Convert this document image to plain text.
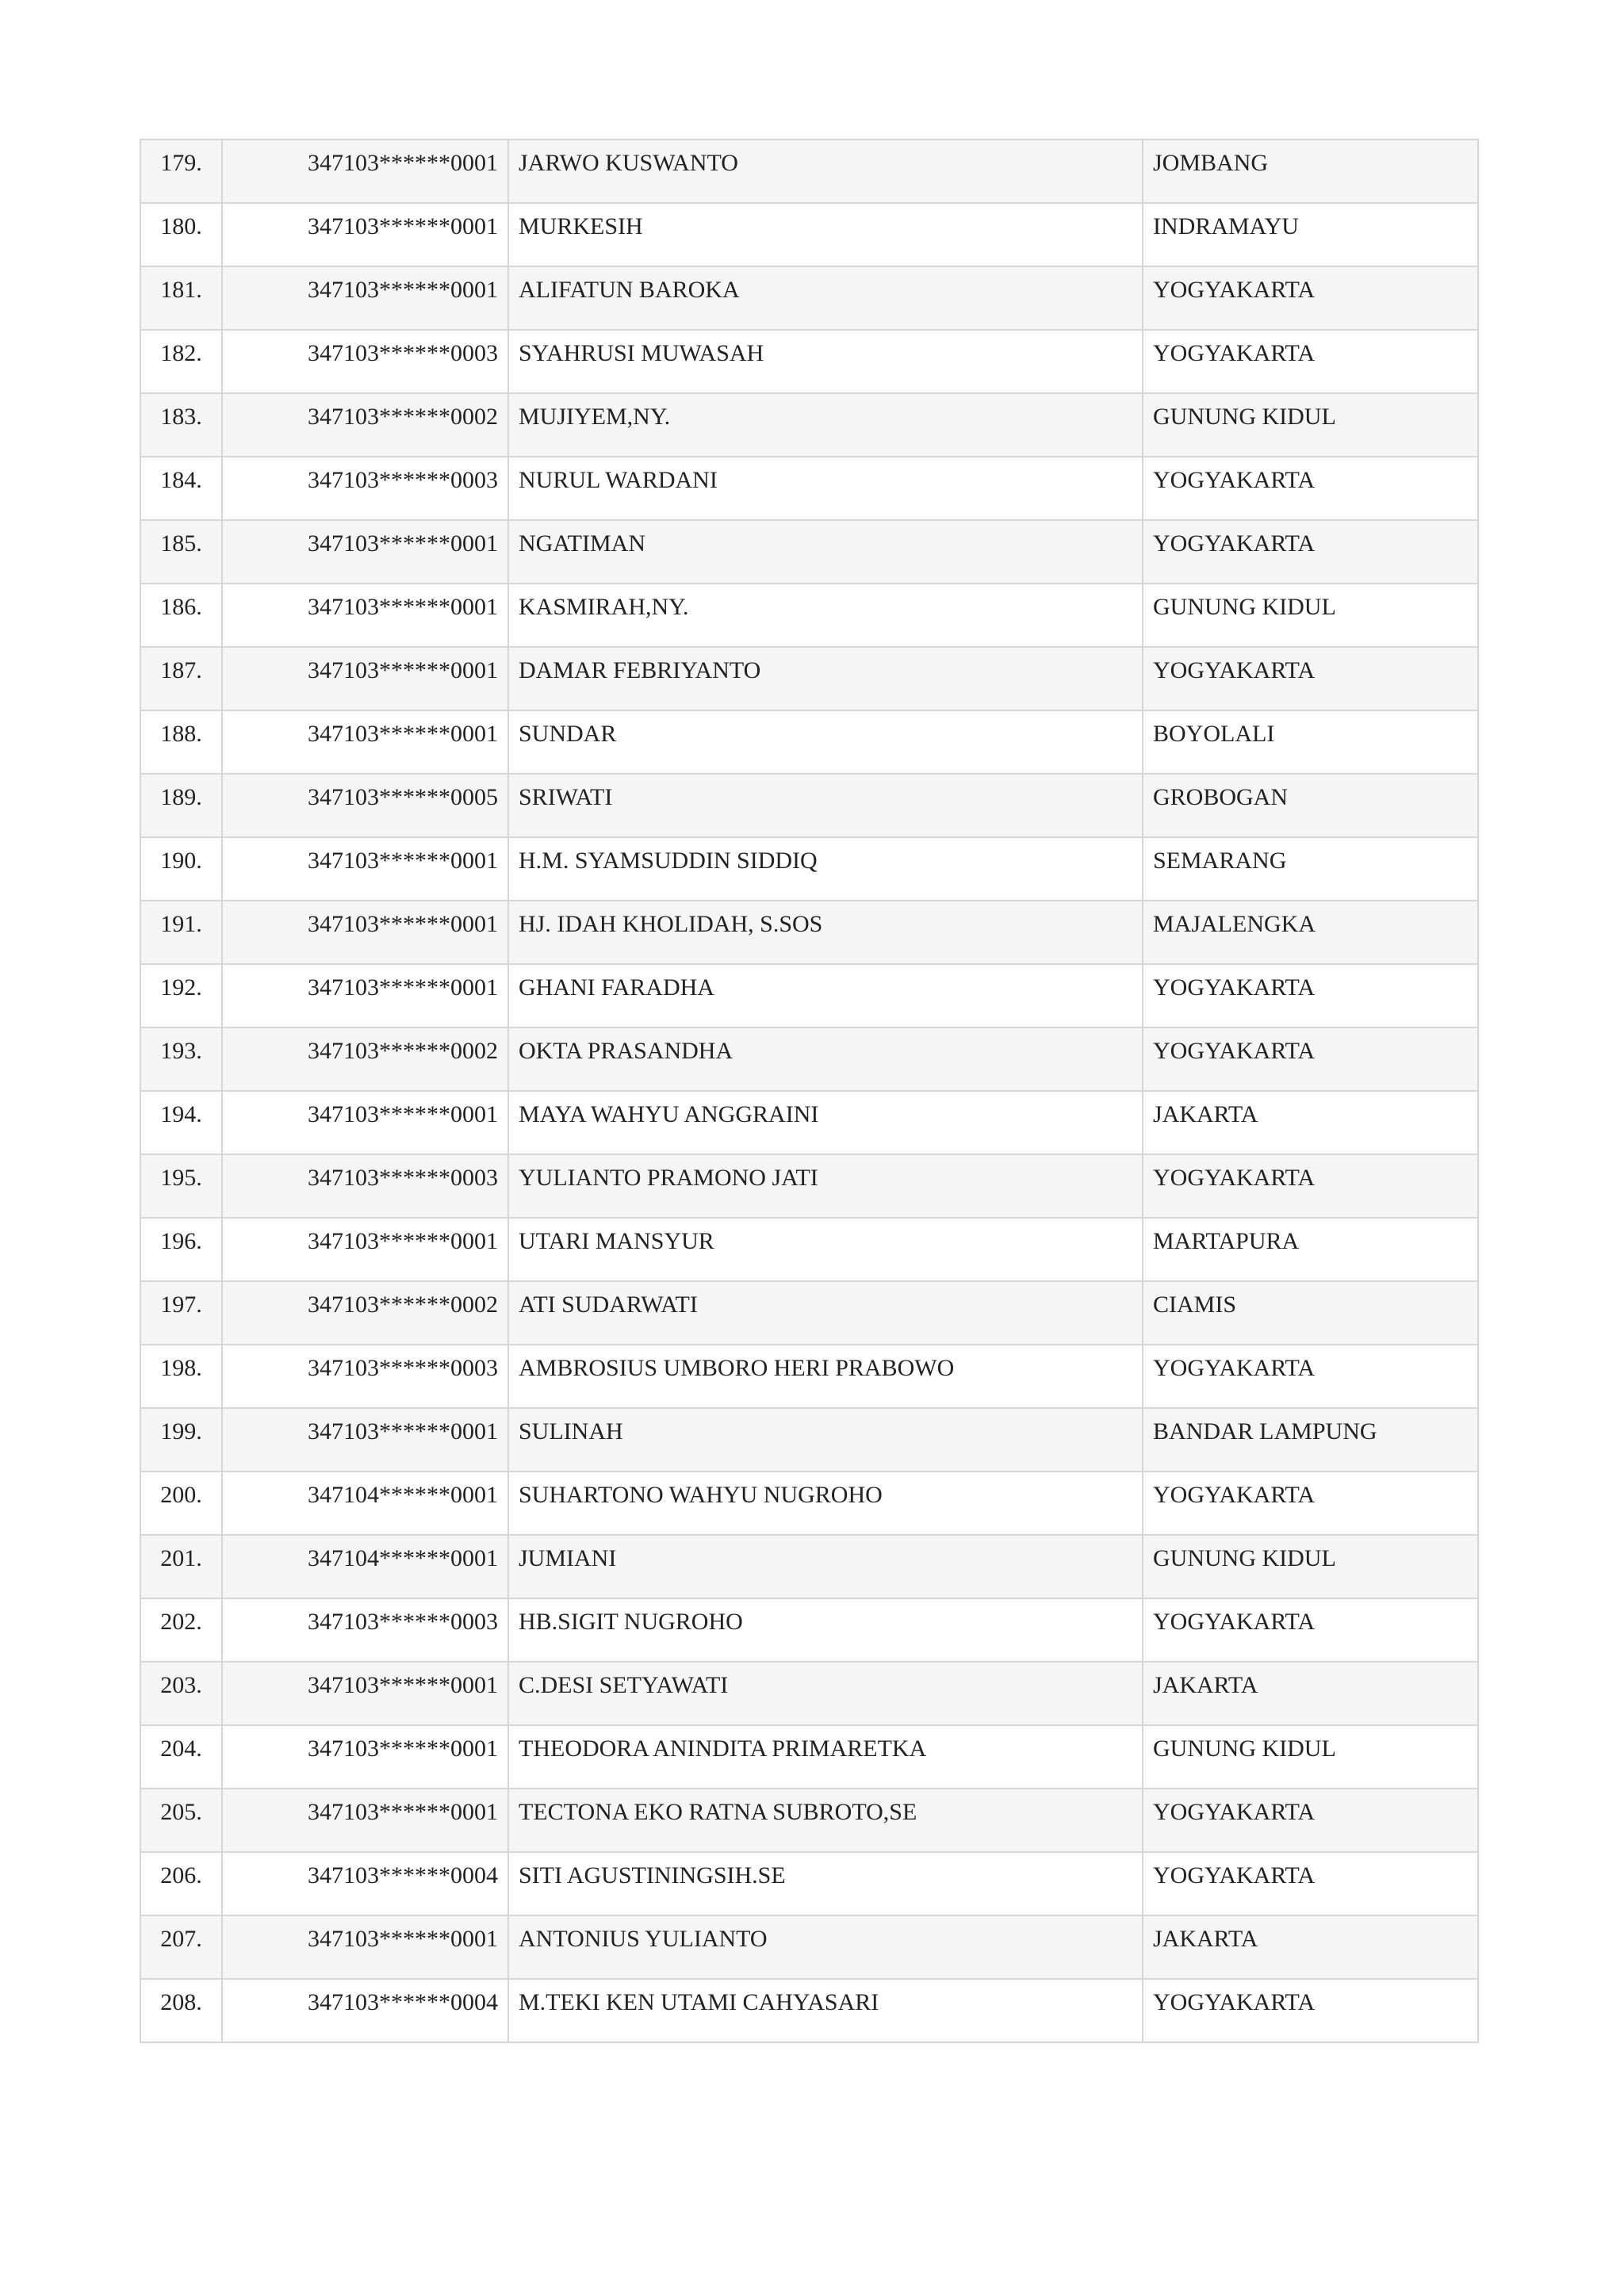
179.	347103******0001	JARWO KUSWANTO	JOMBANG
180.	347103******0001	MURKESIH	INDRAMAYU
181.	347103******0001	ALIFATUN BAROKA	YOGYAKARTA
182.	347103******0003	SYAHRUSI MUWASAH	YOGYAKARTA
183.	347103******0002	MUJIYEM,NY.	GUNUNG KIDUL
184.	347103******0003	NURUL WARDANI	YOGYAKARTA
185.	347103******0001	NGATIMAN	YOGYAKARTA
186.	347103******0001	KASMIRAH,NY.	GUNUNG KIDUL
187.	347103******0001	DAMAR FEBRIYANTO	YOGYAKARTA
188.	347103******0001	SUNDAR	BOYOLALI
189.	347103******0005	SRIWATI	GROBOGAN
190.	347103******0001	H.M. SYAMSUDDIN SIDDIQ	SEMARANG
191.	347103******0001	HJ. IDAH KHOLIDAH, S.SOS	MAJALENGKA
192.	347103******0001	GHANI FARADHA	YOGYAKARTA
193.	347103******0002	OKTA PRASANDHA	YOGYAKARTA
194.	347103******0001	MAYA WAHYU ANGGRAINI	JAKARTA
195.	347103******0003	YULIANTO PRAMONO JATI	YOGYAKARTA
196.	347103******0001	UTARI MANSYUR	MARTAPURA
197.	347103******0002	ATI SUDARWATI	CIAMIS
198.	347103******0003	AMBROSIUS UMBORO HERI PRABOWO	YOGYAKARTA
199.	347103******0001	SULINAH	BANDAR LAMPUNG
200.	347104******0001	SUHARTONO WAHYU NUGROHO	YOGYAKARTA
201.	347104******0001	JUMIANI	GUNUNG KIDUL
202.	347103******0003	HB.SIGIT NUGROHO	YOGYAKARTA
203.	347103******0001	C.DESI SETYAWATI	JAKARTA
204.	347103******0001	THEODORA ANINDITA PRIMARETKA	GUNUNG KIDUL
205.	347103******0001	TECTONA EKO RATNA SUBROTO,SE	YOGYAKARTA
206.	347103******0004	SITI AGUSTININGSIH.SE	YOGYAKARTA
207.	347103******0001	ANTONIUS YULIANTO	JAKARTA
208.	347103******0004	M.TEKI KEN UTAMI CAHYASARI	YOGYAKARTA
